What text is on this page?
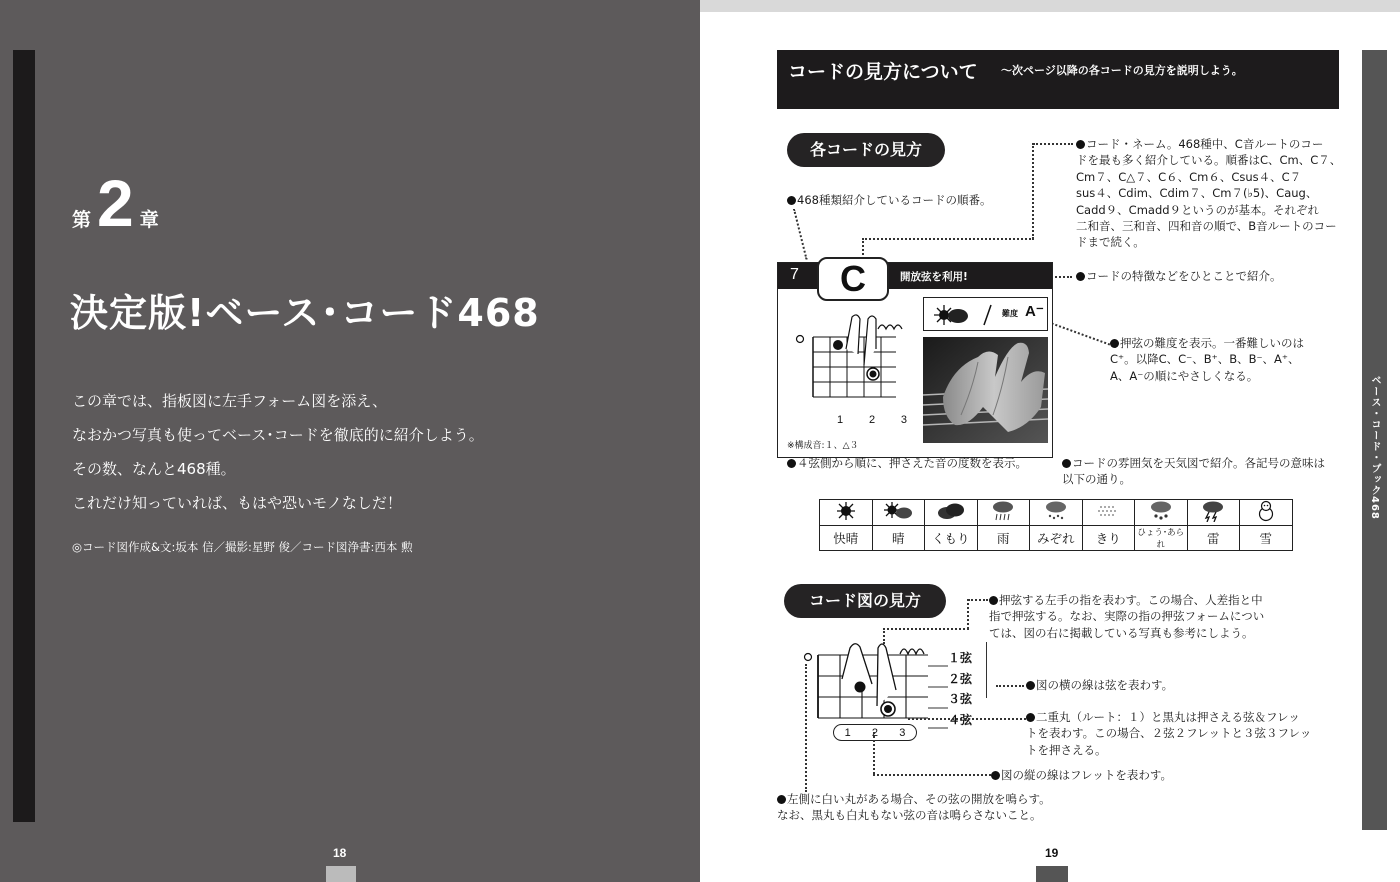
第 2 章
決定版!ベース･コード468
この章では、指板図に左手フォーム図を添え、
なおかつ写真も使ってベース･コードを徹底的に紹介しよう。
その数、なんと468種。
これだけ知っていれば、もはや恐いモノなしだ！
◎コード図作成&文:坂本 信／撮影:星野 俊／コード図浄書:西本 勲
18
コードの見方について 〜次ページ以降の各コードの見方を説明しよう。
ベース・コード・ブック468
各コードの見方
468種類紹介しているコードの順番。
コード・ネーム。468種中、C音ルートのコー
ドを最も多く紹介している。順番はC、Cm、C７、
Cm７、C△７、C６、Cm６、Csus４、C７
sus４、Cdim、Cdim７、Cm７(♭5)、Caug、
Cadd９、Cmadd９というのが基本。それぞれ
二和音、三和音、四和音の順で、B音ルートのコー
ドまで続く。
コードの特徴などをひとことで紹介。
押弦の難度を表示。一番難しいのは
C⁺。以降C、C⁻、B⁺、B、B⁻、A⁺、
A、A⁻の順にやさしくなる。
7	C	開放弦を利用!
1 2 3
難度 A⁻
※構成音:１、△３
４弦側から順に、押さえた音の度数を表示。	コードの雰囲気を天気図で紹介。各記号の意味は
以下の通り。

快晴	晴	くもり	雨	みぞれ	きり	ひょう･あられ	雷	雪
コード図の見方	押弦する左手の指を表わす。この場合、人差指と中
指で押弦する。なお、実際の指の押弦フォームについ
ては、図の右に掲載している写真も参考にしよう。
１弦
２弦
３弦
４弦
1 2 3
図の横の線は弦を表わす。
二重丸（ルート：１）と黒丸は押さえる弦＆フレッ
トを表わす。この場合、２弦２フレットと３弦３フレッ
トを押さえる。
図の縦の線はフレットを表わす。
左側に白い丸がある場合、その弦の開放を鳴らす。
なお、黒丸も白丸もない弦の音は鳴らさないこと。
19
